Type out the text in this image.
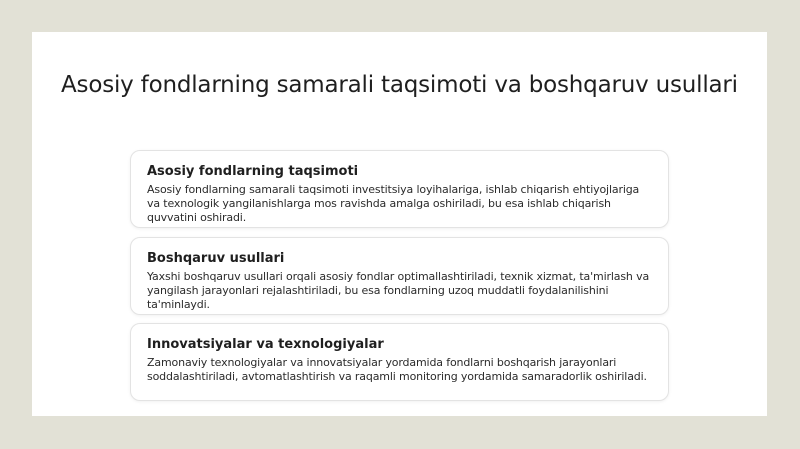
Asosiy fondlarning samarali taqsimoti va boshqaruv usullari
Asosiy fondlarning taqsimoti

Asosiy fondlarning samarali taqsimoti investitsiya loyihalariga, ishlab chiqarish ehtiyojlariga va texnologik yangilanishlarga mos ravishda amalga oshiriladi, bu esa ishlab chiqarish quvvatini oshiradi.

Boshqaruv usullari

Yaxshi boshqaruv usullari orqali asosiy fondlar optimallashtiriladi, texnik xizmat, ta'mirlash va yangilash jarayonlari rejalashtiriladi, bu esa fondlarning uzoq muddatli foydalanilishini ta'minlaydi.

Innovatsiyalar va texnologiyalar

Zamonaviy texnologiyalar va innovatsiyalar yordamida fondlarni boshqarish jarayonlari soddalashtiriladi, avtomatlashtirish va raqamli monitoring yordamida samaradorlik oshiriladi.
